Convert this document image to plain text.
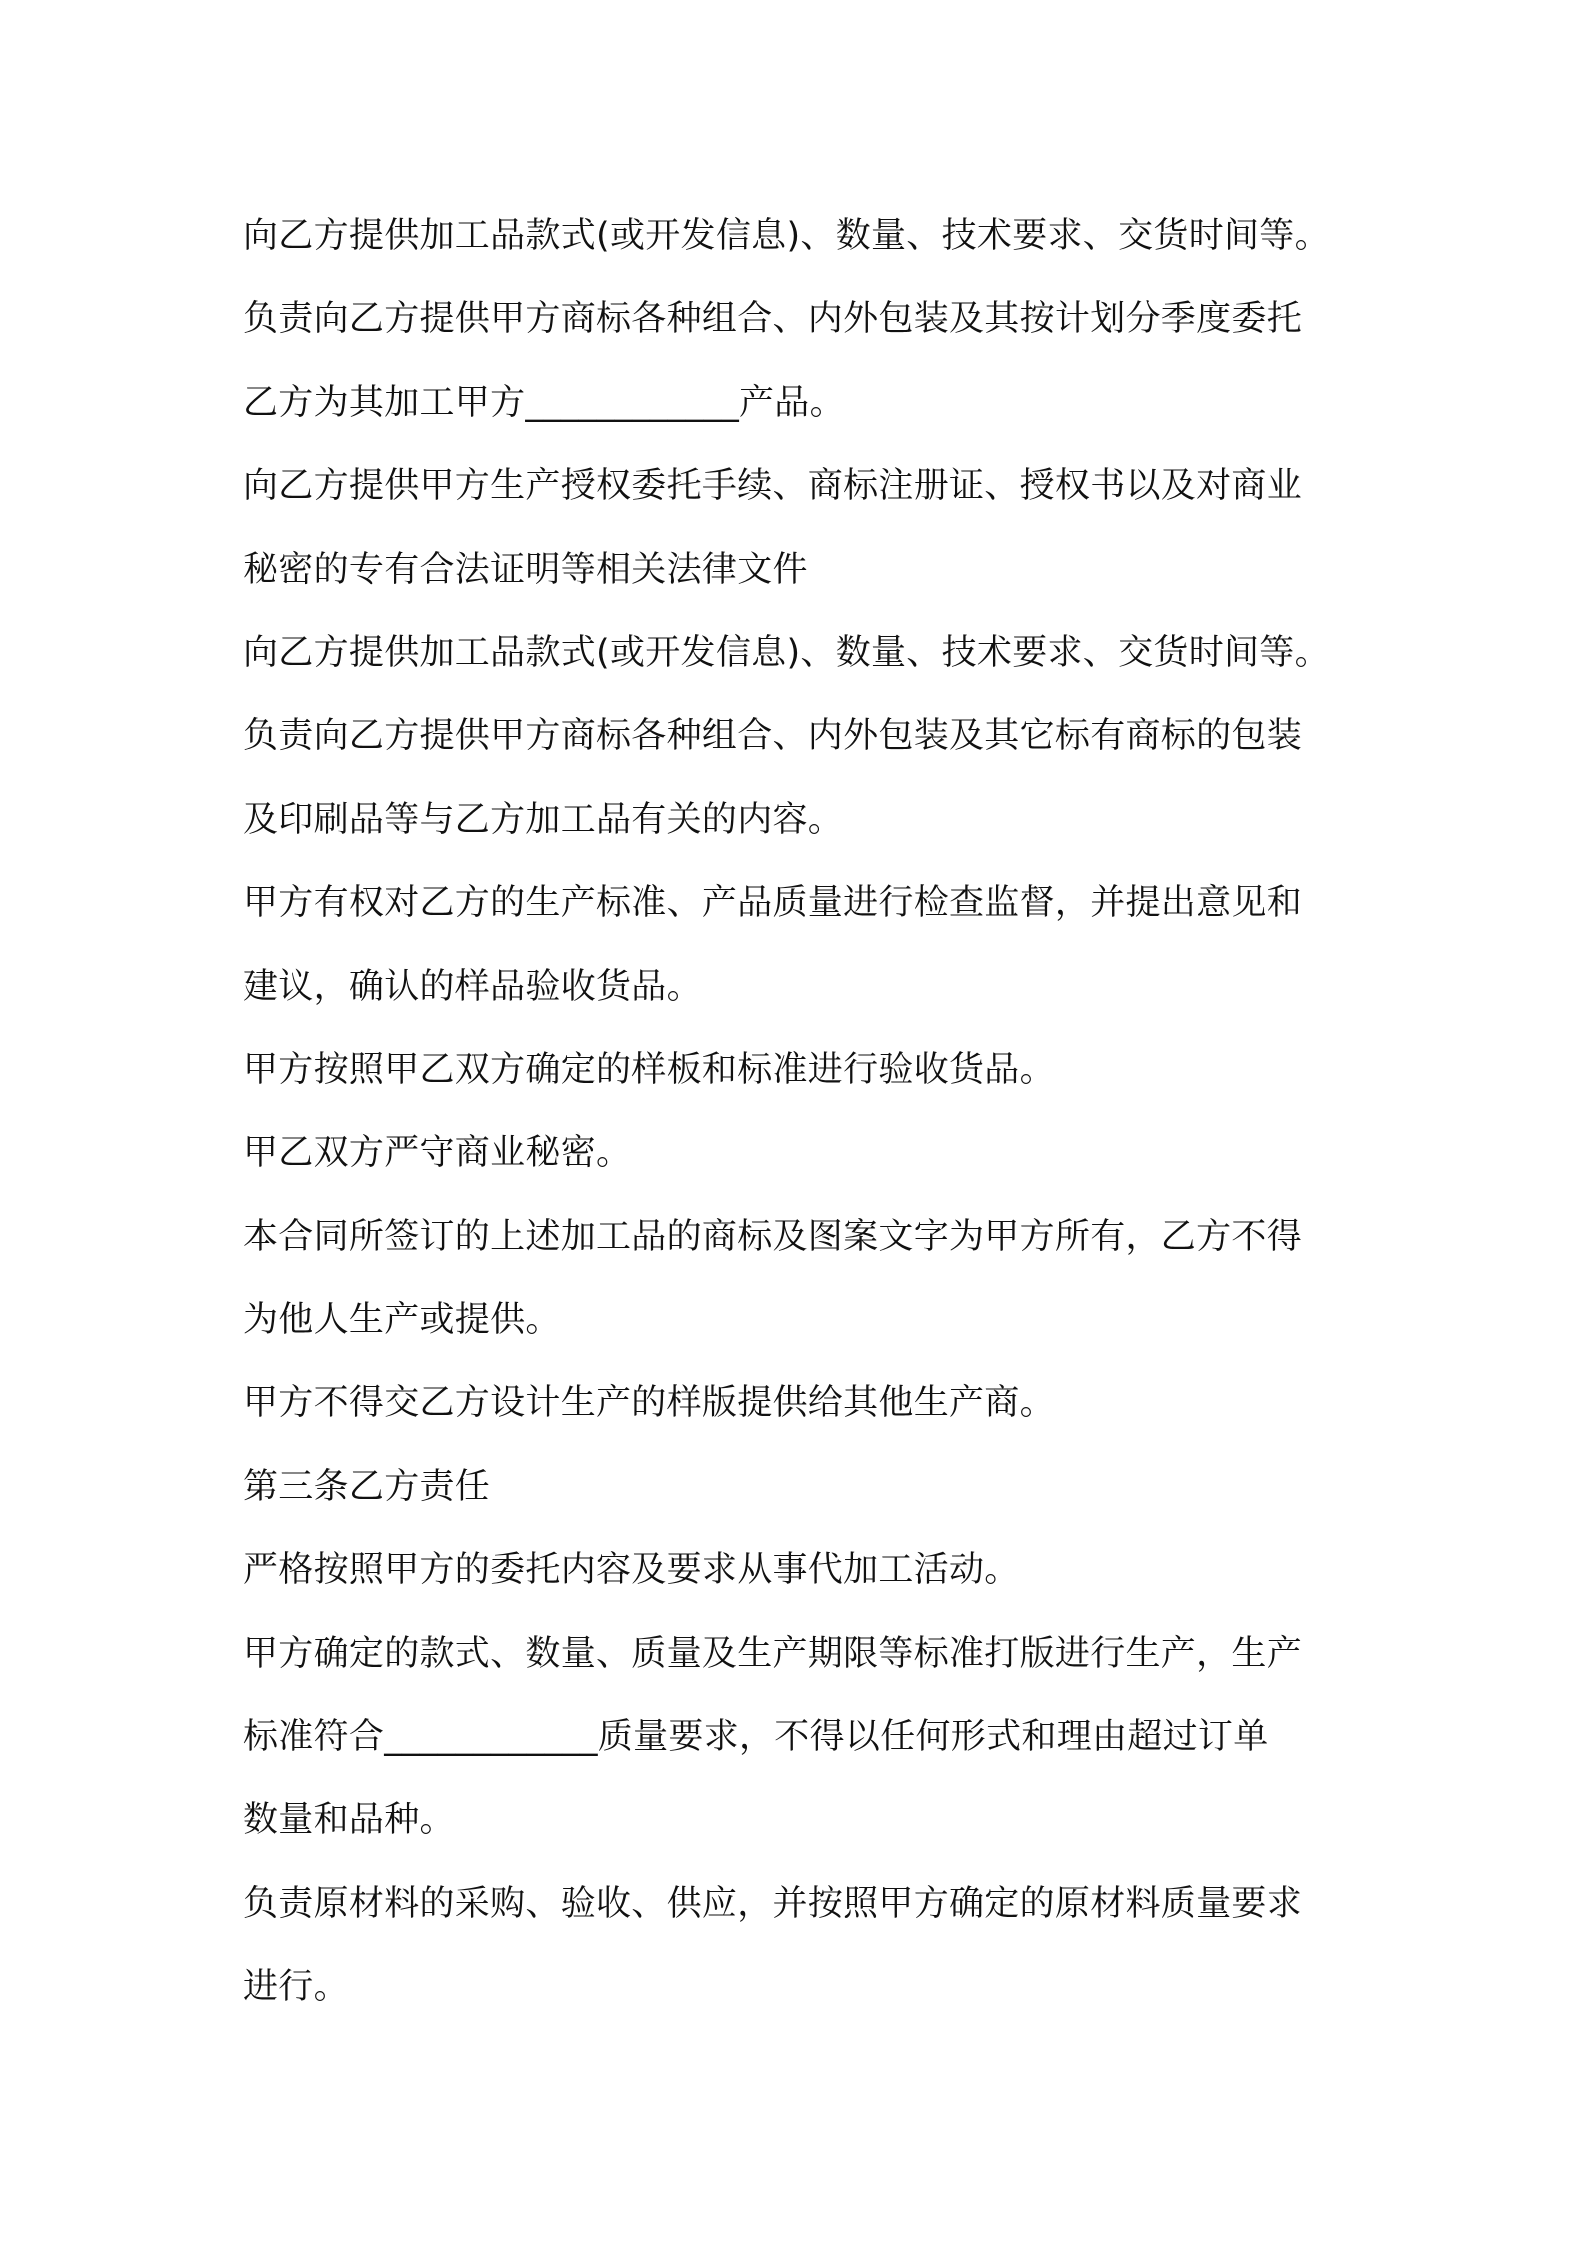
向乙方提供加工品款式(或开发信息)、数量、技术要求、交货时间等。
负责向乙方提供甲方商标各种组合、内外包装及其按计划分季度委托
乙方为其加工甲方____________产品。
向乙方提供甲方生产授权委托手续、商标注册证、授权书以及对商业
秘密的专有合法证明等相关法律文件
向乙方提供加工品款式(或开发信息)、数量、技术要求、交货时间等。
负责向乙方提供甲方商标各种组合、内外包装及其它标有商标的包装
及印刷品等与乙方加工品有关的内容。
甲方有权对乙方的生产标准、产品质量进行检查监督，并提出意见和
建议，确认的样品验收货品。
甲方按照甲乙双方确定的样板和标准进行验收货品。
甲乙双方严守商业秘密。
本合同所签订的上述加工品的商标及图案文字为甲方所有，乙方不得
为他人生产或提供。
甲方不得交乙方设计生产的样版提供给其他生产商。
第三条乙方责任
严格按照甲方的委托内容及要求从事代加工活动。
甲方确定的款式、数量、质量及生产期限等标准打版进行生产，生产
标准符合____________质量要求，不得以任何形式和理由超过订单
数量和品种。
负责原材料的采购、验收、供应，并按照甲方确定的原材料质量要求
进行。
